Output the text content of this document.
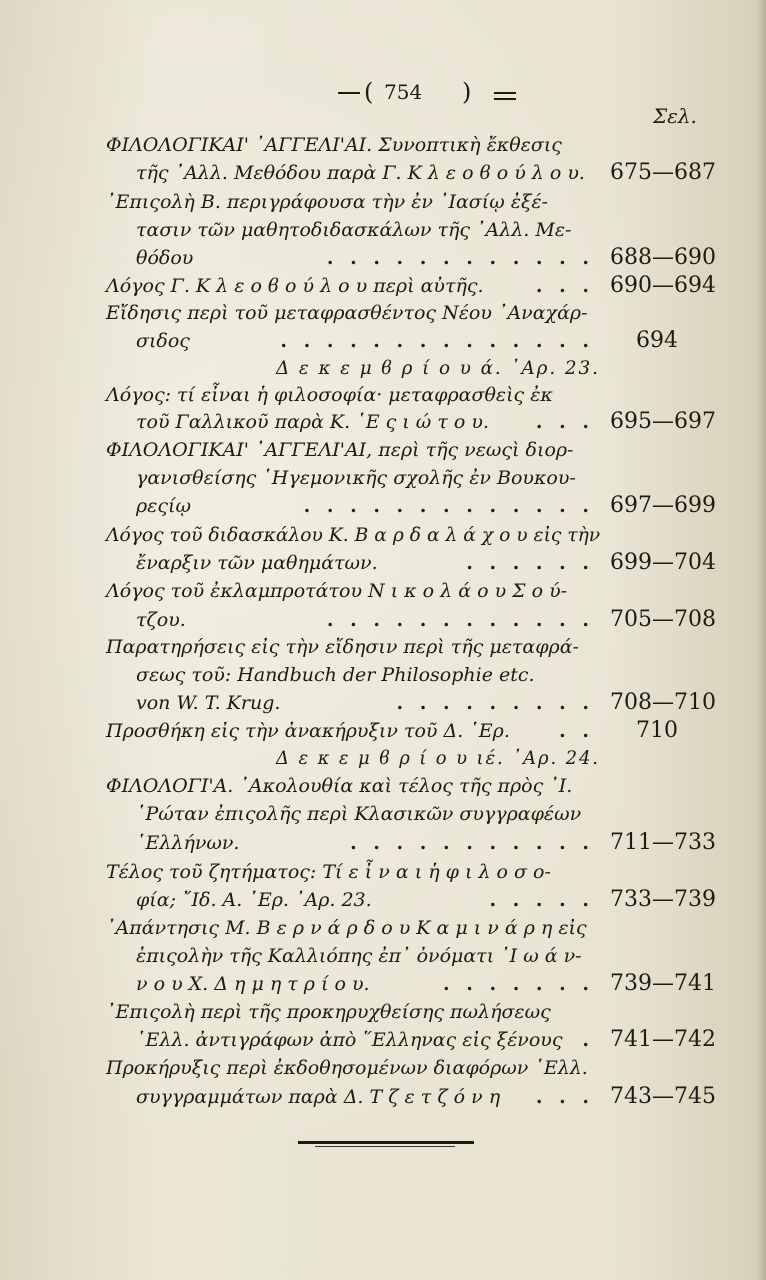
( 754 )
Σελ.
ΦΙΛΟΛΟΓΙΚΑΙ' ᾿ΑΓΓΕΛΙ'ΑΙ. Συνοπτικὴ ἔκθεσις
τῆς ᾿Αλλ. Μεθόδου παρὰ Γ. Κ λ ε ο ϐ ο ύ λ ο υ. 675—687
᾿Επιςολὴ Β. περιγράφουσα τὴν ἐν ᾿Ιασίῳ ἐξέ-
τασιν τῶν μαθητοδιδασκάλων τῆς ᾿Αλλ. Με-
θόδου	. . . . . . . . . . . . 688—690
Λόγος Γ. Κ λ ε ο ϐ ο ύ λ ο υ περὶ αὐτῆς.	. . . 690—694
Εἴδησις περὶ τοῦ μεταφρασθέντος Νέου ᾿Αναχάρ-
σιδος	. . . . . . . . . . . . . . 694
Δ ε κ ε μ ϐ ρ ί ο υ ά. ᾿Αρ. 23.
Λόγος: τί εἶναι ἡ φιλοσοφία· μεταφρασθεὶς ἐκ
τοῦ Γαλλικοῦ παρὰ Κ. ῾Ε ς ι ώ τ ο υ. . . . 695—697
ΦΙΛΟΛΟΓΙΚΑΙ' ᾿ΑΓΓΕΛΙ'ΑΙ, περὶ τῆς νεωςὶ διορ-
γανισθείσης ῾Ηγεμονικῆς σχολῆς ἐν Βουκου-
ρεςίῳ	. . . . . . . . . . . . . 697—699
Λόγος τοῦ διδασκάλου Κ. Β α ρ δ α λ ά χ ο υ εἰς τὴν
ἔναρξιν τῶν μαθημάτων.	. . . . . . 699—704
Λόγος τοῦ ἐκλαμπροτάτου Ν ι κ ο λ ά ο υ Σ ο ύ-
τζου.	. . . . . . . . . . . . 705—708
Παρατηρήσεις εἰς τὴν εἴδησιν περὶ τῆς μεταφρά-
σεως τοῦ: Handbuch der Philosophie etc.
von W. T. Krug.	. . . . . . . . . 708—710
Προσθήκη εἰς τὴν ἀνακήρυξιν τοῦ Δ. ῾Ερ.	. . 710
Δ ε κ ε μ ϐ ρ ί ο υ ιέ. ᾿Αρ. 24.
ΦΙΛΟΛΟΓΙ'Α. ᾿Ακολουθία καὶ τέλος τῆς πρὸς ᾿Ι.
῾Ρώταν ἐπιςολῆς περὶ Κλασικῶν συγγραφέων
῾Ελλήνων.	. . . . . . . . . . . 711—733
Τέλος τοῦ ζητήματος: Τί ε ἶ ν α ι ἡ φ ι λ ο σ ο-
φία; ῎Ιδ. Α. ῾Ερ. ᾿Αρ. 23.	. . . . . 733—739
᾿Απάντησις Μ. Β ε ρ ν ά ρ δ ο υ Κ α μ ι ν ά ρ η εἰς
ἐπιςολὴν τῆς Καλλιόπης ἐπ᾿ ὀνόματι ᾿Ι ω ά ν-
ν ο υ Χ. Δ η μ η τ ρ ί ο υ.	. . . . . . . 739—741
᾿Επιςολὴ περὶ τῆς προκηρυχθείσης πωλήσεως
῾Ελλ. ἀντιγράφων ἀπὸ ῞Ελληνας εἰς ξένους . 741—742
Προκήρυξις περὶ ἐκδοθησομένων διαφόρων ῾Ελλ.
συγγραμμάτων παρὰ Δ. Τ ζ ε τ ζ ό ν η . . . 743—745
